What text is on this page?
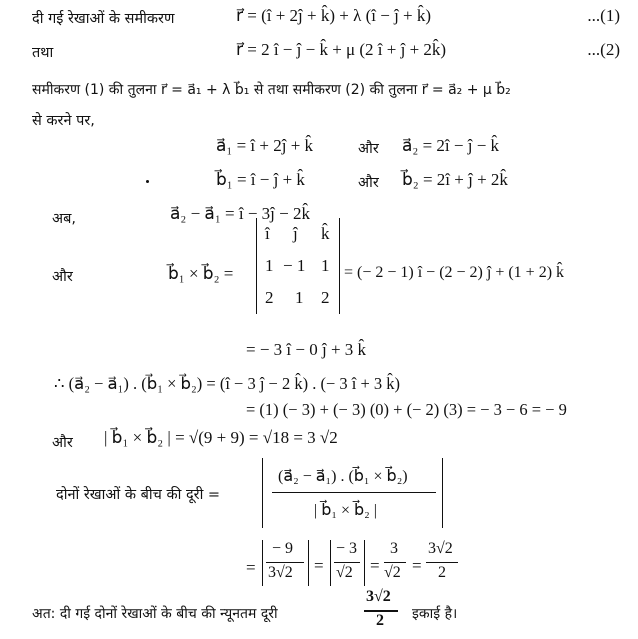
दी गई रेखाओं के समीकरण	r⃗ = (î + 2ĵ + k̂) + λ (î − ĵ + k̂)	...(1)
तथा	r⃗ = 2 î − ĵ − k̂ + μ (2 î + ĵ + 2k̂)	...(2)
समीकरण (1) की तुलना r⃗ = a⃗₁ + λ b⃗₁ से तथा समीकरण (2) की तुलना r⃗ = a⃗₂ + μ b⃗₂
से करने पर,
a⃗₁ = î + 2ĵ + k̂	और a⃗₂ = 2î − ĵ − k̂
b⃗₁ = î − ĵ + k̂	और b⃗₂ = 2î + ĵ + 2k̂
अब,	a⃗₂ − a⃗₁ = î − 3ĵ − 2k̂
और	b⃗₁ × b⃗₂ =
î ĵ k̂
1 − 1 1
2 1 2
= (− 2 − 1) î − (2 − 2) ĵ + (1 + 2) k̂
= − 3 î − 0 ĵ + 3 k̂
∴ (a⃗₂ − a⃗₁) . (b⃗₁ × b⃗₂) = (î − 3 ĵ − 2 k̂) . (− 3 î + 3 k̂)
= (1) (− 3) + (− 3) (0) + (− 2) (3) = − 3 − 6 = − 9
और | b⃗₁ × b⃗₂ | = √(9 + 9) = √18 = 3 √2
दोनों रेखाओं के बीच की दूरी =
(a⃗₂ − a⃗₁) . (b⃗₁ × b⃗₂)
| b⃗₁ × b⃗₂ |
=
− 9
3√2 =
− 3
√2 =
3
√2 =
3√2
2
अत: दी गई दोनों रेखाओं के बीच की न्यूनतम दूरी
3√2
2 इकाई है।
